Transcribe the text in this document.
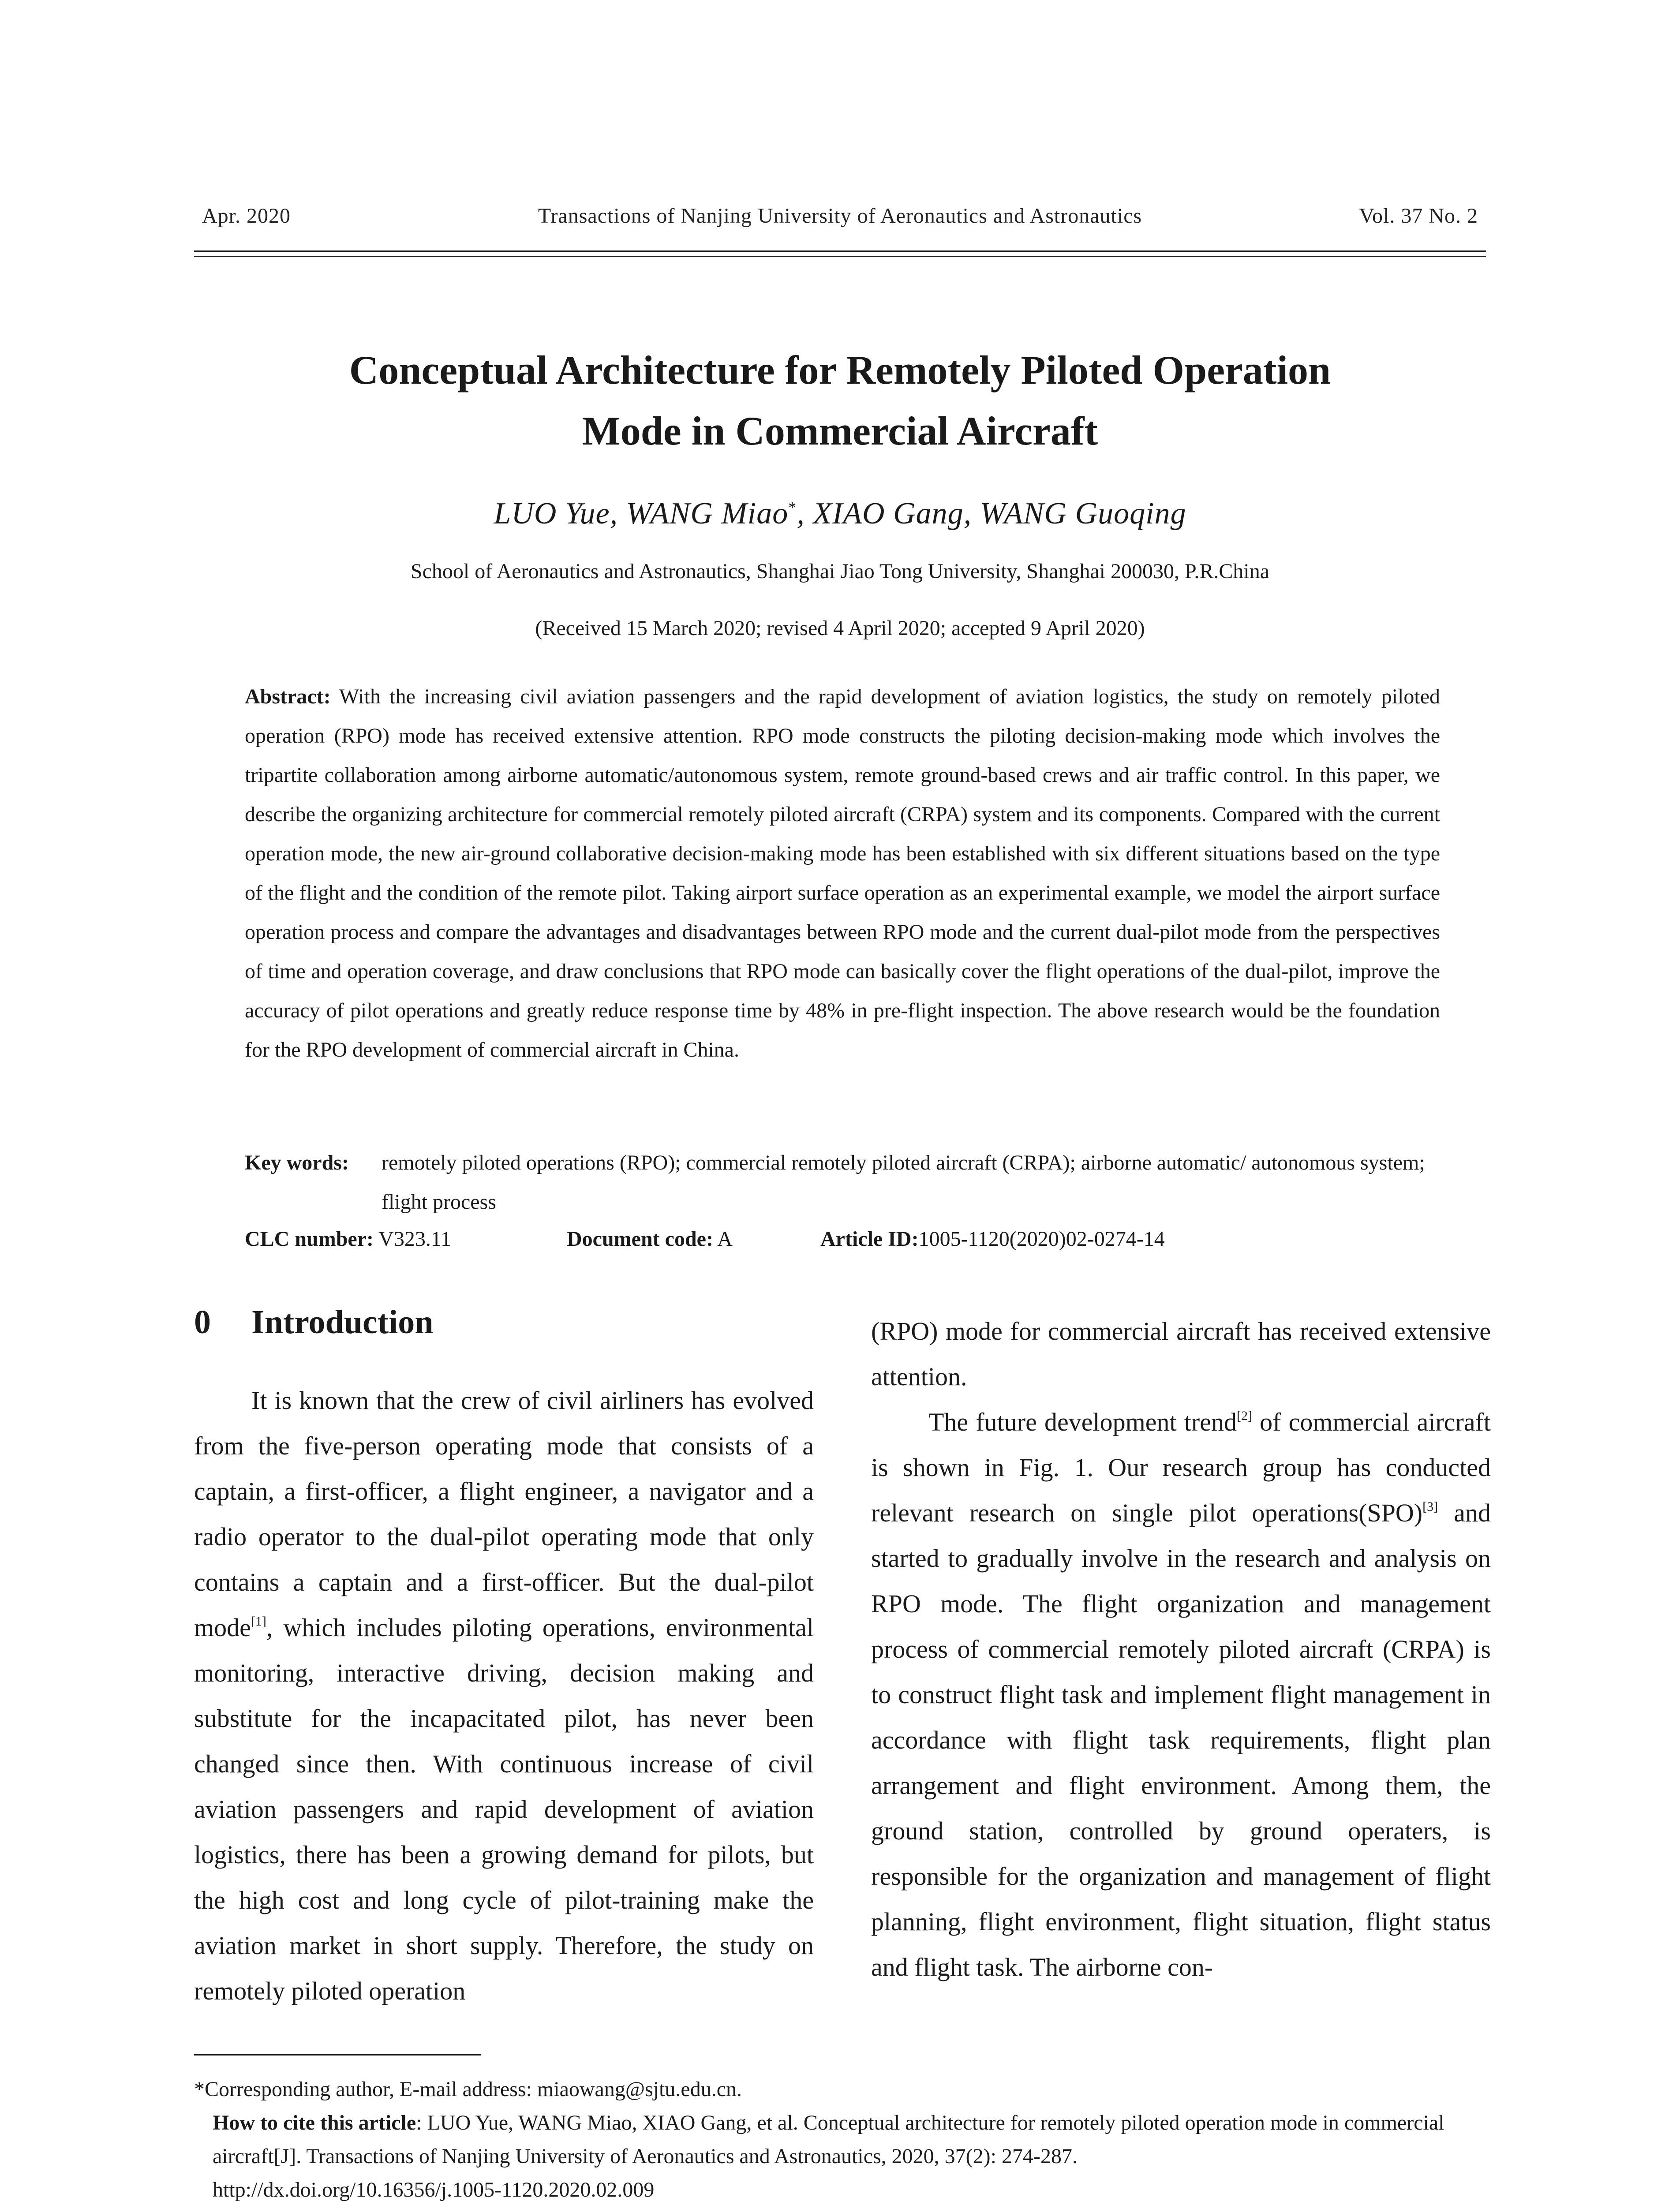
Apr. 2020	Transactions of Nanjing University of Aeronautics and Astronautics	Vol. 37 No. 2
Conceptual Architecture for Remotely Piloted Operation
Mode in Commercial Aircraft
LUO Yue, WANG Miao*, XIAO Gang, WANG Guoqing
School of Aeronautics and Astronautics, Shanghai Jiao Tong University, Shanghai 200030, P.R.China
(Received 15 March 2020; revised 4 April 2020; accepted 9 April 2020)
Abstract: With the increasing civil aviation passengers and the rapid development of aviation logistics, the study on remotely piloted operation (RPO) mode has received extensive attention. RPO mode constructs the piloting decision-making mode which involves the tripartite collaboration among airborne automatic/autonomous system, remote ground-based crews and air traffic control. In this paper, we describe the organizing architecture for commercial remotely piloted aircraft (CRPA) system and its components. Compared with the current operation mode, the new air-ground collaborative decision-making mode has been established with six different situations based on the type of the flight and the condition of the remote pilot. Taking airport surface operation as an experimental example, we model the airport surface operation process and compare the advantages and disadvantages between RPO mode and the current dual-pilot mode from the perspectives of time and operation coverage, and draw conclusions that RPO mode can basically cover the flight operations of the dual-pilot, improve the accuracy of pilot operations and greatly reduce response time by 48% in pre-flight inspection. The above research would be the foundation for the RPO development of commercial aircraft in China.
Key words: remotely piloted operations (RPO); commercial remotely piloted aircraft (CRPA); airborne automatic/ autonomous system; flight process
CLC number: V323.11	Document code: A	Article ID:1005-1120(2020)02-0274-14
0 Introduction

It is known that the crew of civil airliners has evolved from the five-person operating mode that consists of a captain, a first-officer, a flight engineer, a navigator and a radio operator to the dual-pilot operating mode that only contains a captain and a first-officer. But the dual-pilot mode[1], which includes piloting operations, environmental monitoring, interactive driving, decision making and substitute for the incapacitated pilot, has never been changed since then. With continuous increase of civil aviation passengers and rapid development of aviation logistics, there has been a growing demand for pilots, but the high cost and long cycle of pilot-training make the aviation market in short supply. Therefore, the study on remotely piloted operation

(RPO) mode for commercial aircraft has received extensive attention.

The future development trend[2] of commercial aircraft is shown in Fig. 1. Our research group has conducted relevant research on single pilot operations(SPO)[3] and started to gradually involve in the research and analysis on RPO mode. The flight organization and management process of commercial remotely piloted aircraft (CRPA) is to construct flight task and implement flight management in accordance with flight task requirements, flight plan arrangement and flight environment. Among them, the ground station, controlled by ground operaters, is responsible for the organization and management of flight planning, flight environment, flight situation, flight status and flight task. The airborne con-

*Corresponding author, E-mail address: miaowang@sjtu.edu.cn.
How to cite this article: LUO Yue, WANG Miao, XIAO Gang, et al. Conceptual architecture for remotely piloted operation mode in commercial aircraft[J]. Transactions of Nanjing University of Aeronautics and Astronautics, 2020, 37(2): 274-287.
http://dx.doi.org/10.16356/j.1005-1120.2020.02.009
